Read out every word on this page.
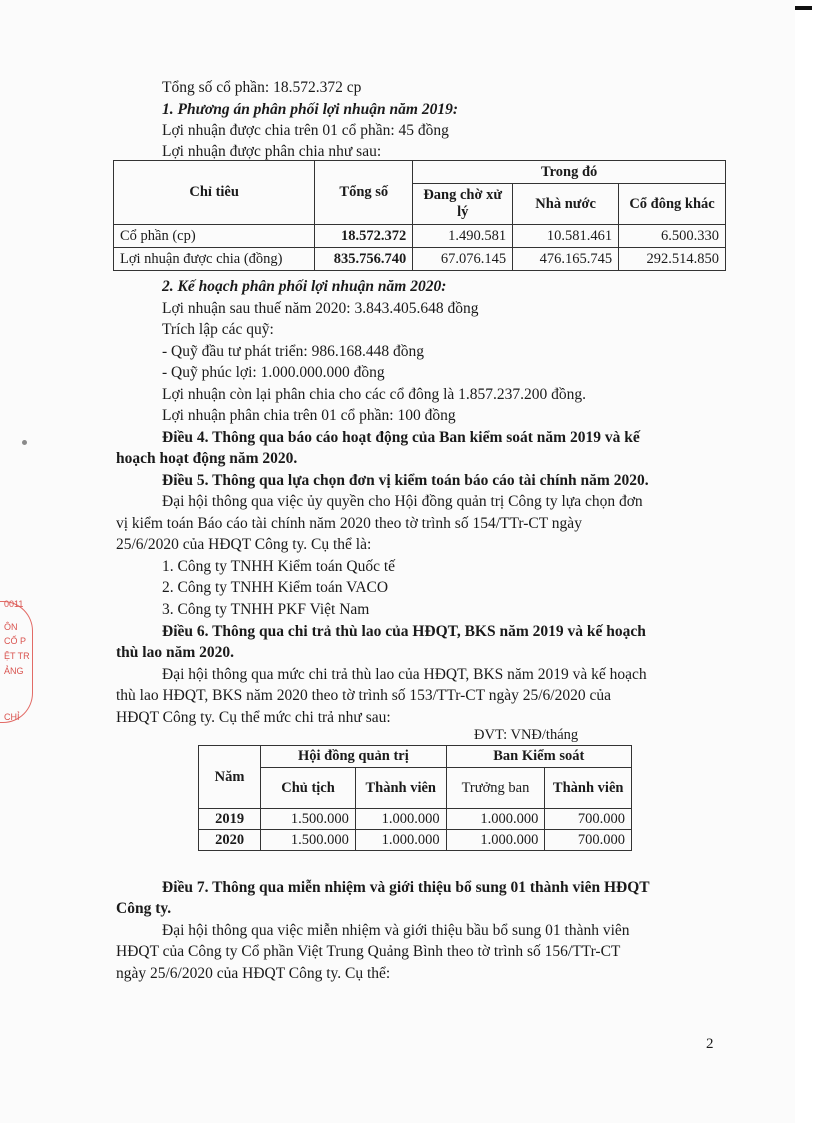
0011
ÔN
CỐ P
ỆT TR
ẢNG
CHỈ
Tổng số cổ phần: 18.572.372 cp
1. Phương án phân phối lợi nhuận năm 2019:
Lợi nhuận được chia trên 01 cổ phần: 45 đồng
Lợi nhuận được phân chia như sau:
Chỉ tiêu	Tổng số	Trong đó		
		Đang chờ xử lý	Nhà nước	Cổ đông khác
Cổ phần (cp)	18.572.372	1.490.581	10.581.461	6.500.330
Lợi nhuận được chia (đồng)	835.756.740	67.076.145	476.165.745	292.514.850
2. Kế hoạch phân phối lợi nhuận năm 2020:
Lợi nhuận sau thuế năm 2020: 3.843.405.648 đồng
Trích lập các quỹ:
- Quỹ đầu tư phát triển: 986.168.448 đồng
- Quỹ phúc lợi: 1.000.000.000 đồng
Lợi nhuận còn lại phân chia cho các cổ đông là 1.857.237.200 đồng.
Lợi nhuận phân chia trên 01 cổ phần: 100 đồng
Điều 4. Thông qua báo cáo hoạt động của Ban kiểm soát năm 2019 và kế
hoạch hoạt động năm 2020.
Điều 5. Thông qua lựa chọn đơn vị kiểm toán báo cáo tài chính năm 2020.
Đại hội thông qua việc ủy quyền cho Hội đồng quản trị Công ty lựa chọn đơn
vị kiểm toán Báo cáo tài chính năm 2020 theo tờ trình số 154/TTr-CT ngày
25/6/2020 của HĐQT Công ty. Cụ thể là:
1. Công ty TNHH Kiểm toán Quốc tế
2. Công ty TNHH Kiểm toán VACO
3. Công ty TNHH PKF Việt Nam
Điều 6. Thông qua chi trả thù lao của HĐQT, BKS năm 2019 và kế hoạch
thù lao năm 2020.
Đại hội thông qua mức chi trả thù lao của HĐQT, BKS năm 2019 và kế hoạch
thù lao HĐQT, BKS năm 2020 theo tờ trình số 153/TTr-CT ngày 25/6/2020 của
HĐQT Công ty. Cụ thể mức chi trả như sau:
ĐVT: VNĐ/tháng
Năm	Hội đồng quản trị		Ban Kiểm soát	
	Chủ tịch	Thành viên	Trưởng ban	Thành viên
2019	1.500.000	1.000.000	1.000.000	700.000
2020	1.500.000	1.000.000	1.000.000	700.000
Điều 7. Thông qua miễn nhiệm và giới thiệu bổ sung 01 thành viên HĐQT
Công ty.
Đại hội thông qua việc miễn nhiệm và giới thiệu bầu bổ sung 01 thành viên
HĐQT của Công ty Cổ phần Việt Trung Quảng Bình theo tờ trình số 156/TTr-CT
ngày 25/6/2020 của HĐQT Công ty. Cụ thể:
2
